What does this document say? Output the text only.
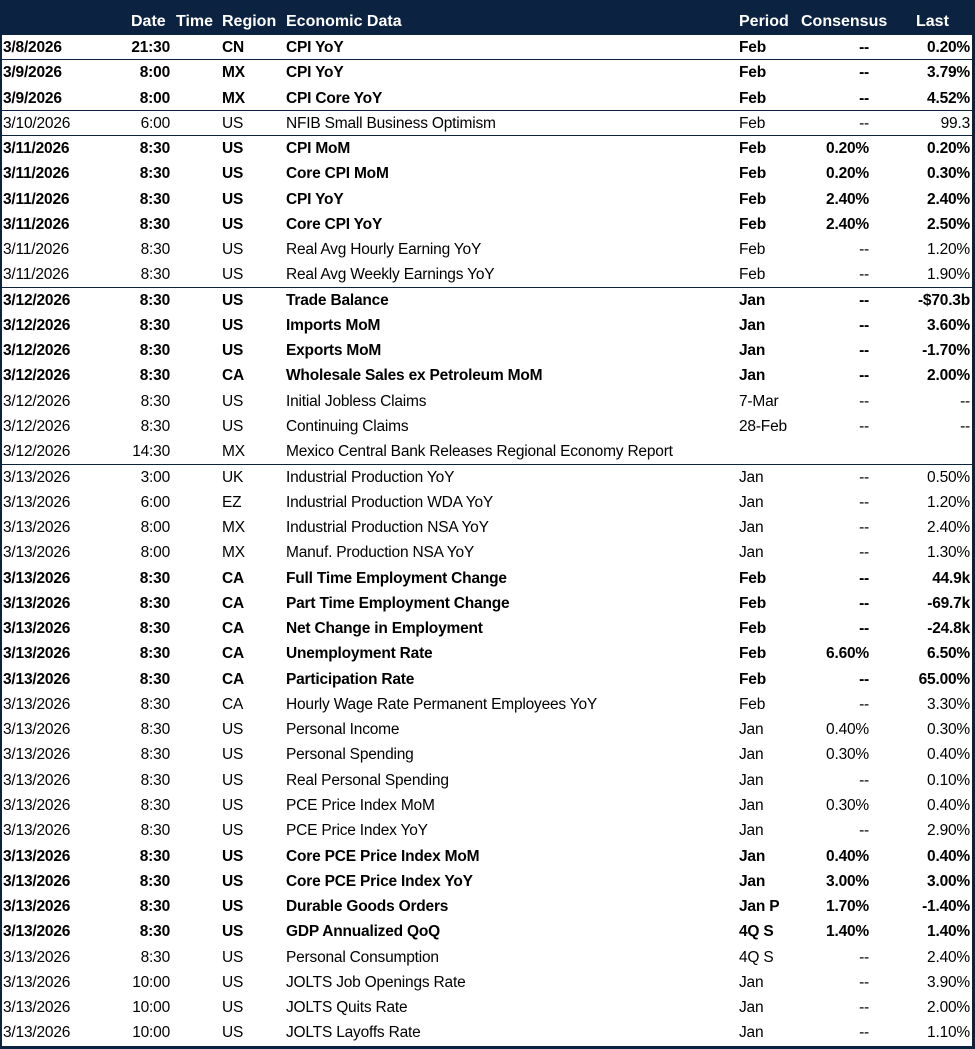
Date Time Region Economic Data	Period Consensus Last
3/8/2026	21:30	CN	CPI YoY	Feb	--	0.20%
3/9/2026	8:00	MX	CPI YoY	Feb	--	3.79%
3/9/2026	8:00	MX	CPI Core YoY	Feb	--	4.52%
3/10/2026	6:00	US	NFIB Small Business Optimism	Feb	--	99.3
3/11/2026	8:30	US	CPI MoM	Feb	0.20%	0.20%
3/11/2026	8:30	US	Core CPI MoM	Feb	0.20%	0.30%
3/11/2026	8:30	US	CPI YoY	Feb	2.40%	2.40%
3/11/2026	8:30	US	Core CPI YoY	Feb	2.40%	2.50%
3/11/2026	8:30	US	Real Avg Hourly Earning YoY	Feb	--	1.20%
3/11/2026	8:30	US	Real Avg Weekly Earnings YoY	Feb	--	1.90%
3/12/2026	8:30	US	Trade Balance	Jan	--	-$70.3b
3/12/2026	8:30	US	Imports MoM	Jan	--	3.60%
3/12/2026	8:30	US	Exports MoM	Jan	--	-1.70%
3/12/2026	8:30	CA	Wholesale Sales ex Petroleum MoM	Jan	--	2.00%
3/12/2026	8:30	US	Initial Jobless Claims	7-Mar	--	--
3/12/2026	8:30	US	Continuing Claims	28-Feb	--	--
3/12/2026	14:30	MX	Mexico Central Bank Releases Regional Economy Report
3/13/2026	3:00	UK	Industrial Production YoY	Jan	--	0.50%
3/13/2026	6:00	EZ	Industrial Production WDA YoY	Jan	--	1.20%
3/13/2026	8:00	MX	Industrial Production NSA YoY	Jan	--	2.40%
3/13/2026	8:00	MX	Manuf. Production NSA YoY	Jan	--	1.30%
3/13/2026	8:30	CA	Full Time Employment Change	Feb	--	44.9k
3/13/2026	8:30	CA	Part Time Employment Change	Feb	--	-69.7k
3/13/2026	8:30	CA	Net Change in Employment	Feb	--	-24.8k
3/13/2026	8:30	CA	Unemployment Rate	Feb	6.60%	6.50%
3/13/2026	8:30	CA	Participation Rate	Feb	--	65.00%
3/13/2026	8:30	CA	Hourly Wage Rate Permanent Employees YoY	Feb	--	3.30%
3/13/2026	8:30	US	Personal Income	Jan	0.40%	0.30%
3/13/2026	8:30	US	Personal Spending	Jan	0.30%	0.40%
3/13/2026	8:30	US	Real Personal Spending	Jan	--	0.10%
3/13/2026	8:30	US	PCE Price Index MoM	Jan	0.30%	0.40%
3/13/2026	8:30	US	PCE Price Index YoY	Jan	--	2.90%
3/13/2026	8:30	US	Core PCE Price Index MoM	Jan	0.40%	0.40%
3/13/2026	8:30	US	Core PCE Price Index YoY	Jan	3.00%	3.00%
3/13/2026	8:30	US	Durable Goods Orders	Jan P	1.70%	-1.40%
3/13/2026	8:30	US	GDP Annualized QoQ	4Q S	1.40%	1.40%
3/13/2026	8:30	US	Personal Consumption	4Q S	--	2.40%
3/13/2026	10:00	US	JOLTS Job Openings Rate	Jan	--	3.90%
3/13/2026	10:00	US	JOLTS Quits Rate	Jan	--	2.00%
3/13/2026	10:00	US	JOLTS Layoffs Rate	Jan	--	1.10%
